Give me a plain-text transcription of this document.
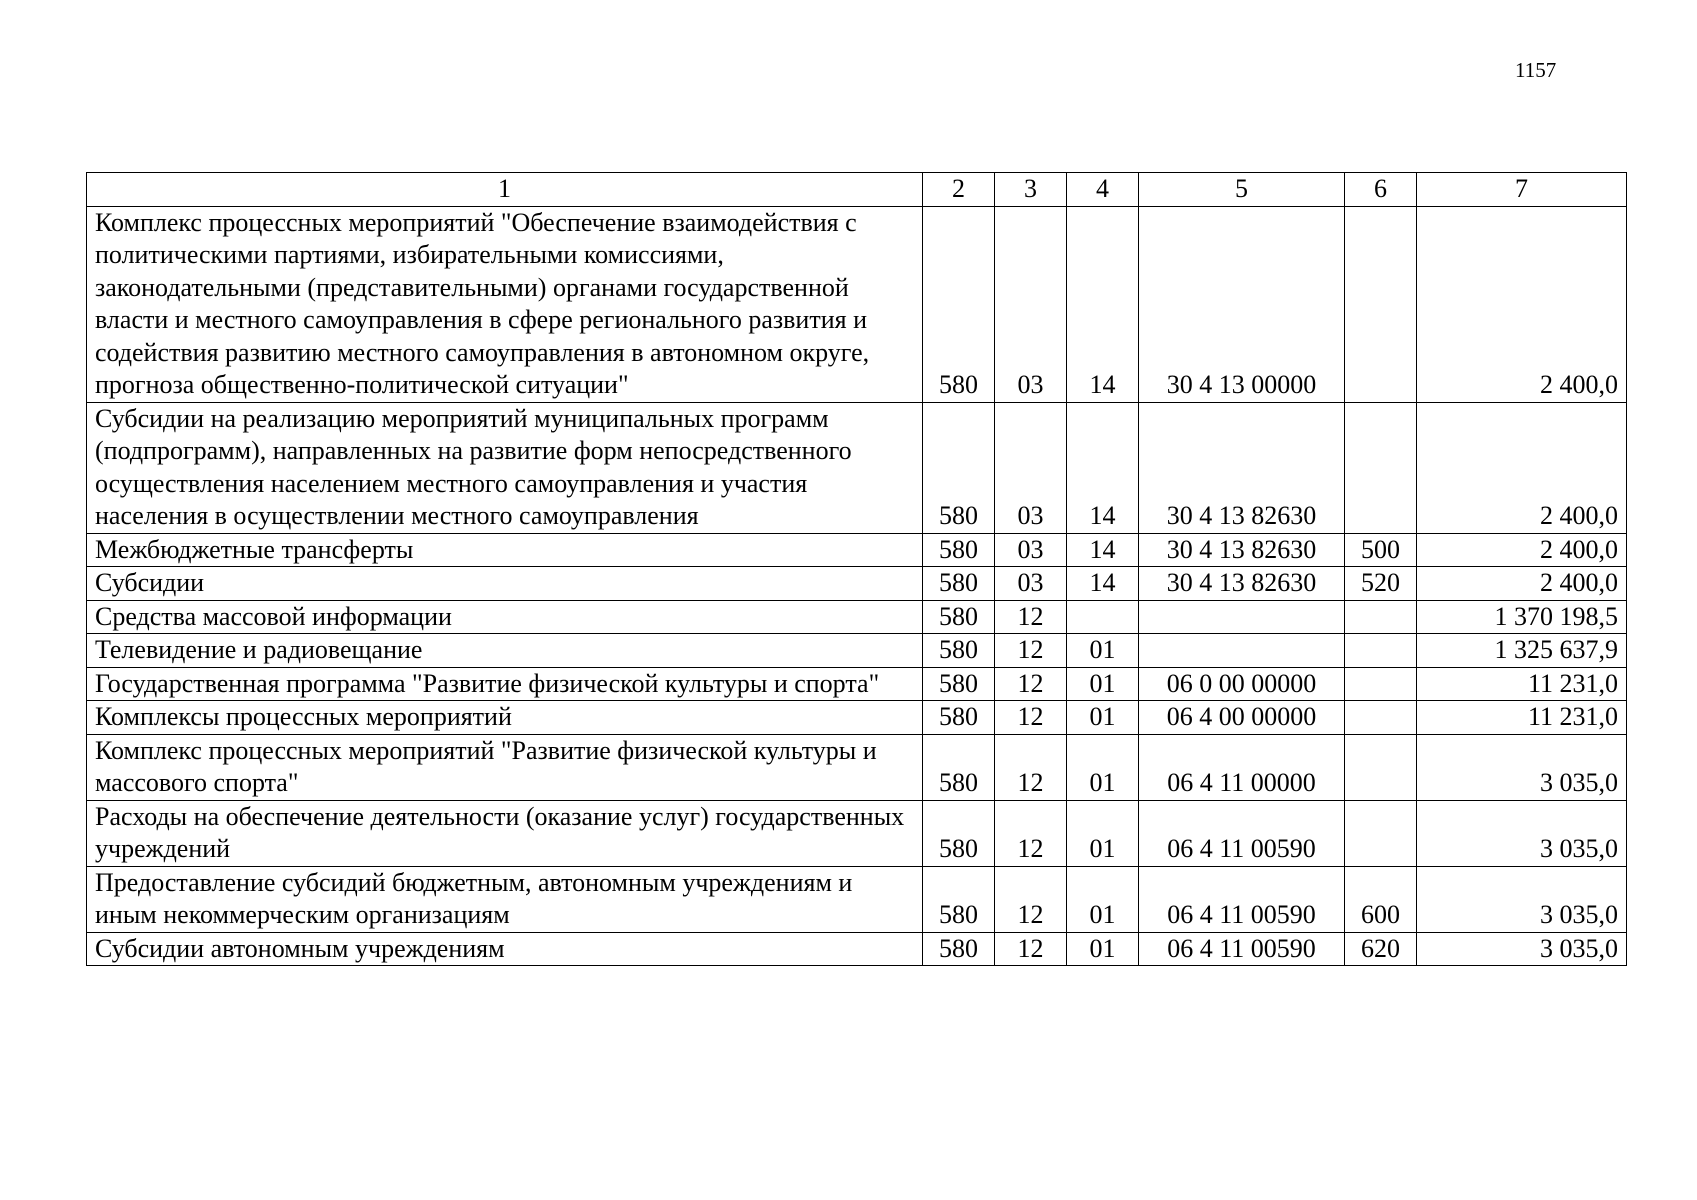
1157
1	2	3	4	5	6	7
Комплекс процессных мероприятий "Обеспечение взаимодействия с политическими партиями, избирательными комиссиями, законодательными (представительными) органами государственной власти и местного самоуправления в сфере регионального развития и содействия развитию местного самоуправления в автономном округе, прогноза общественно-политической ситуации"	580	03	14	30 4 13 00000		2 400,0
Субсидии на реализацию мероприятий муниципальных программ (подпрограмм), направленных на развитие форм непосредственного осуществления населением местного самоуправления и участия населения в осуществлении местного самоуправления	580	03	14	30 4 13 82630		2 400,0
Межбюджетные трансферты	580	03	14	30 4 13 82630	500	2 400,0
Субсидии	580	03	14	30 4 13 82630	520	2 400,0
Средства массовой информации	580	12				1 370 198,5
Телевидение и радиовещание	580	12	01			1 325 637,9
Государственная программа "Развитие физической культуры и спорта"	580	12	01	06 0 00 00000		11 231,0
Комплексы процессных мероприятий	580	12	01	06 4 00 00000		11 231,0
Комплекс процессных мероприятий "Развитие физической культуры и массового спорта"	580	12	01	06 4 11 00000		3 035,0
Расходы на обеспечение деятельности (оказание услуг) государственных учреждений	580	12	01	06 4 11 00590		3 035,0
Предоставление субсидий бюджетным, автономным учреждениям и иным некоммерческим организациям	580	12	01	06 4 11 00590	600	3 035,0
Субсидии автономным учреждениям	580	12	01	06 4 11 00590	620	3 035,0
